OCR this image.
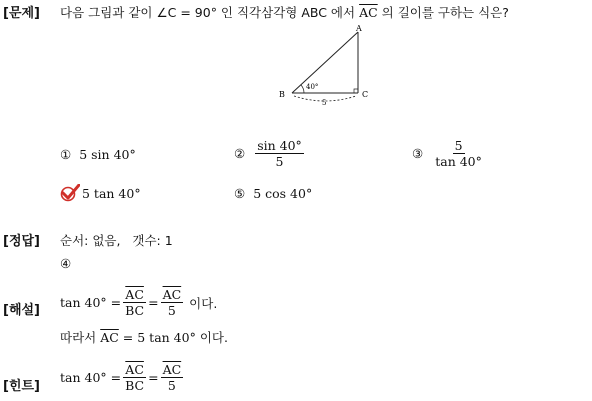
[문제] 다음 그림과 같이 ∠C = 90° 인 직각삼각형 ABC 에서 $\overline{AC}$ 의 길이를 구하는 식은?
A
B	C
40°
5
① 5 sin 40°	② $\frac{\sin 40^\circ}{5}$	③ $\frac{5}{\tan 40^\circ}$
5 tan 40°	⑤ 5 cos 40°
[정답] 순서: 없음,   갯수: 1
④
[해설]
$\tan 40^\circ = \frac{\overline{AC}}{BC} = \frac{\overline{AC}}{5}$ 이다.
따라서 $\overline{AC} = 5$ tan 40° 이다.
[힌트]
$\tan 40^\circ = \frac{\overline{AC}}{BC} = \frac{\overline{AC}}{5}$
